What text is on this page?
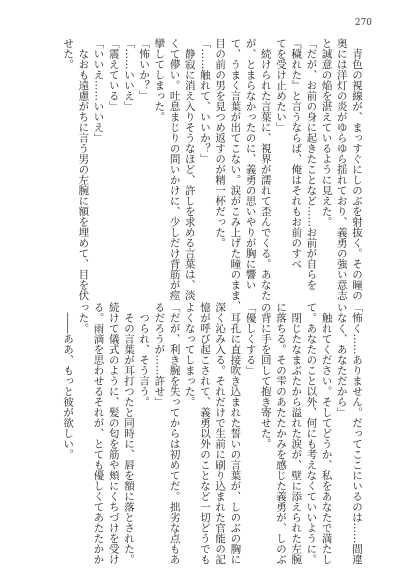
270
　青色の視線が、まっすぐにしのぶを射抜く。その瞳の
奥には洋灯の炎がゆらゆら揺れており、義勇の強い意志
と誠意の焔を湛えているように見えた。
「だが、お前の身に起きたことなど……お前が自らを
『穢れた』と言うならば、俺はそれもお前のすべ
てを受け止めたい」
　続けられた言葉に、視界が濡れて歪んでくる。あなた
が、とまらなかったのに、義勇の思いやりが胸に響い
て、うまく言葉が出てこない。涙がこみ上げた瞳のまま、
目の前の男を見つめ返すのが精一杯だった。
「……触れて、いいか？」
　静寂に消え入りそうなほど、許しを求める言葉は、淡
くて儚い。吐息まじりの問いかけに、少しだけ背筋が痙
攣してしまった。
「怖いか？」
「……いいえ」
「震えている」
「いいえ……いいえ」
　なおも遠慮がちに言う男の左腕に額を埋めて、目を伏
せた。
「怖く……ありません。だってここにいるのは……間違
いなく、あなただから」
　触れてください。そしてどうか、私をあなたで満たし
て。あなたのこと以外、何にも考えなくていいように。
　閉じたなまぶたから溢れた涙が、壁に添えられた左腕
に落ちる。その雫のあたたかみを感じた義勇が、しのぶ
の背に手を回して抱き寄せた。
「優しくする」
　耳孔に直接吹き込まれた誓いの言葉が、しのぶの胸に
深く沁み入る。それだけで生前に刷り込まれた官能の記
憶が呼び起こされて、義勇以外のことなど一切どうでも
よくなってしまった。
「だが、利き腕を失ってからは初めてだ。拙劣な点もあ
るだろうが……許せ」
　つられ、そう言う。
　その言葉が耳打つたと同時に、唇を額に落とされた。
続けて儀式のように、髪の匂を筋や頬にくちづけを受け
る。雨滴を思わせるそれが、とても優しくてあたたかか
った。
　――ああ、もっと彼が欲しい。
